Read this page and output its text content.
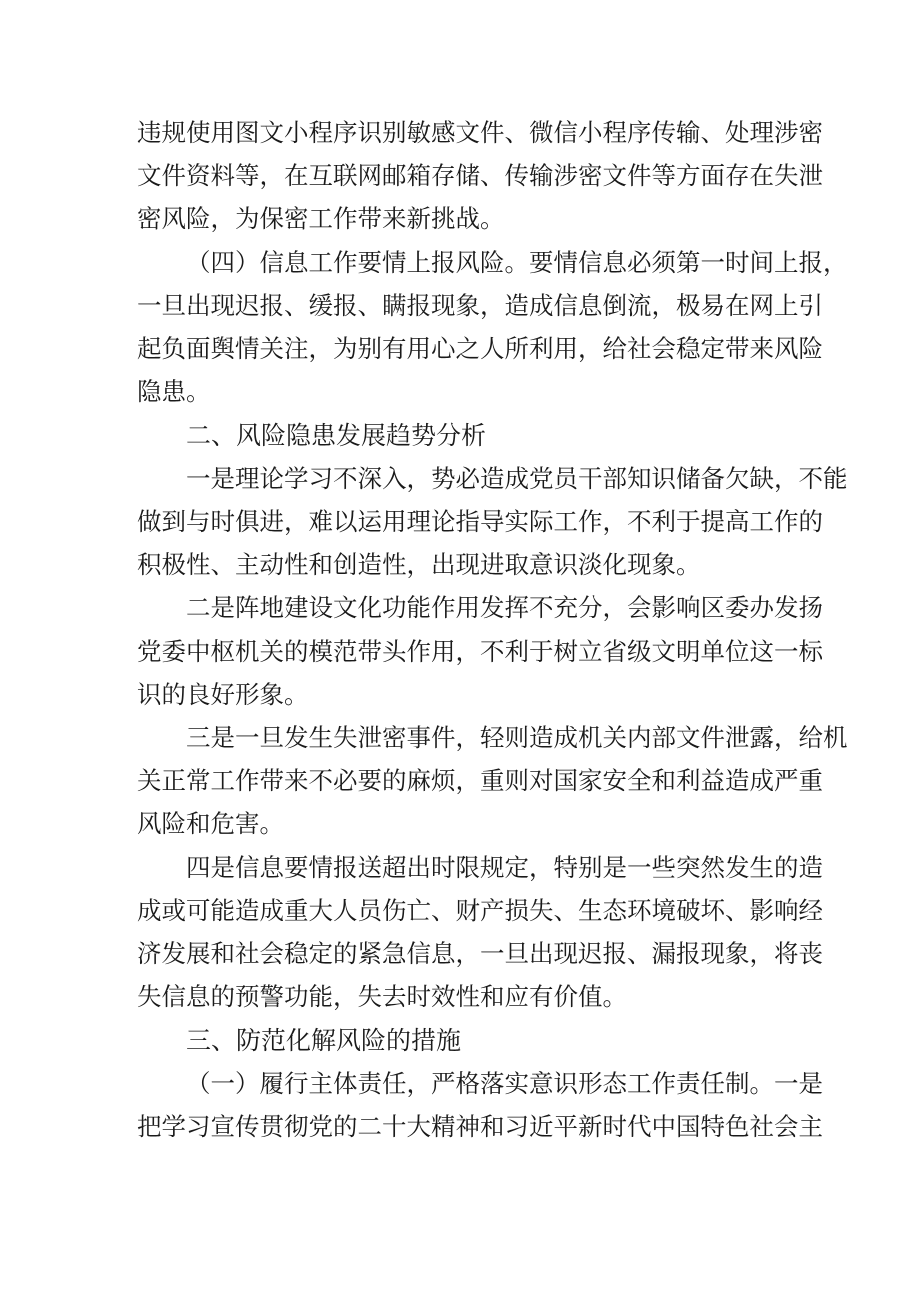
违规使用图文小程序识别敏感文件、微信小程序传输、处理涉密
文件资料等，在互联网邮箱存储、传输涉密文件等方面存在失泄
密风险，为保密工作带来新挑战。
（四）信息工作要情上报风险。要情信息必须第一时间上报，
一旦出现迟报、缓报、瞒报现象，造成信息倒流，极易在网上引
起负面舆情关注，为别有用心之人所利用，给社会稳定带来风险
隐患。
二、风险隐患发展趋势分析
一是理论学习不深入，势必造成党员干部知识储备欠缺，不能
做到与时俱进，难以运用理论指导实际工作，不利于提高工作的
积极性、主动性和创造性，出现进取意识淡化现象。
二是阵地建设文化功能作用发挥不充分，会影响区委办发扬
党委中枢机关的模范带头作用，不利于树立省级文明单位这一标
识的良好形象。
三是一旦发生失泄密事件，轻则造成机关内部文件泄露，给机
关正常工作带来不必要的麻烦，重则对国家安全和利益造成严重
风险和危害。
四是信息要情报送超出时限规定，特别是一些突然发生的造
成或可能造成重大人员伤亡、财产损失、生态环境破坏、影响经
济发展和社会稳定的紧急信息，一旦出现迟报、漏报现象，将丧
失信息的预警功能，失去时效性和应有价值。
三、防范化解风险的措施
（一）履行主体责任，严格落实意识形态工作责任制。一是
把学习宣传贯彻党的二十大精神和习近平新时代中国特色社会主
